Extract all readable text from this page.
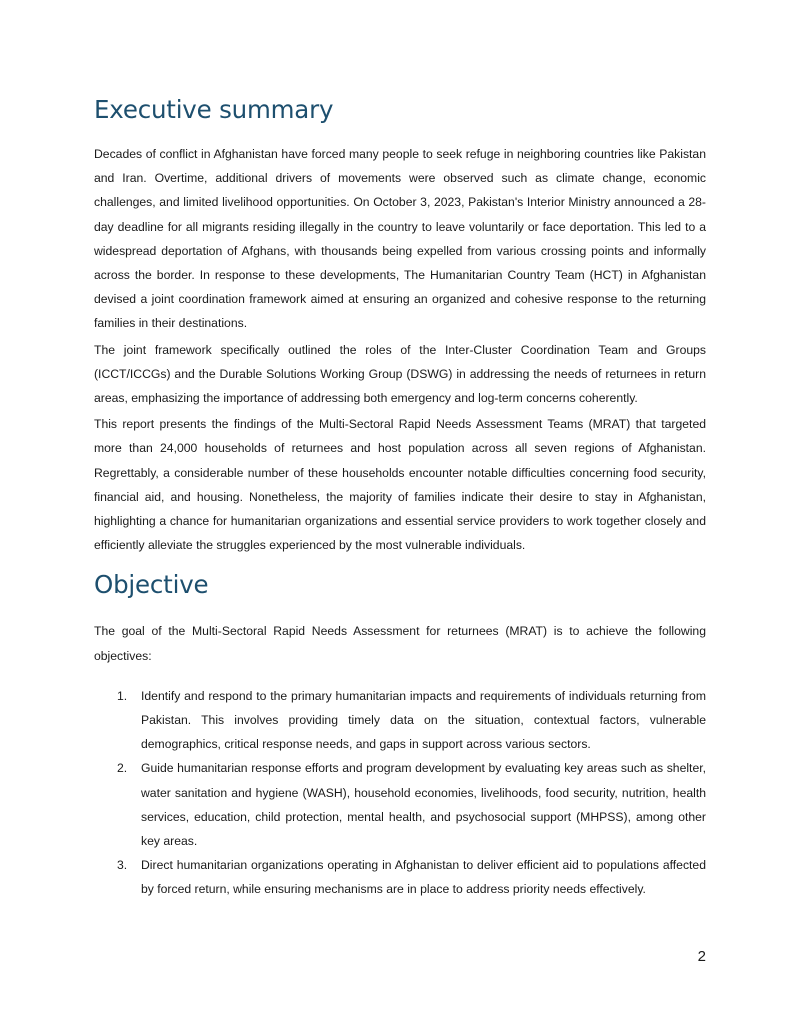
Executive summary

Decades of conflict in Afghanistan have forced many people to seek refuge in neighboring countries like Pakistan and Iran. Overtime, additional drivers of movements were observed such as climate change, economic challenges, and limited livelihood opportunities. On October 3, 2023, Pakistan's Interior Ministry announced a 28-day deadline for all migrants residing illegally in the country to leave voluntarily or face deportation. This led to a widespread deportation of Afghans, with thousands being expelled from various crossing points and informally across the border. In response to these developments, The Humanitarian Country Team (HCT) in Afghanistan devised a joint coordination framework aimed at ensuring an organized and cohesive response to the returning families in their destinations.

The joint framework specifically outlined the roles of the Inter-Cluster Coordination Team and Groups (ICCT/ICCGs) and the Durable Solutions Working Group (DSWG) in addressing the needs of returnees in return areas, emphasizing the importance of addressing both emergency and log-term concerns coherently.

This report presents the findings of the Multi-Sectoral Rapid Needs Assessment Teams (MRAT) that targeted more than 24,000 households of returnees and host population across all seven regions of Afghanistan. Regrettably, a considerable number of these households encounter notable difficulties concerning food security, financial aid, and housing. Nonetheless, the majority of families indicate their desire to stay in Afghanistan, highlighting a chance for humanitarian organizations and essential service providers to work together closely and efficiently alleviate the struggles experienced by the most vulnerable individuals.

Objective

The goal of the Multi-Sectoral Rapid Needs Assessment for returnees (MRAT) is to achieve the following objectives:

1. Identify and respond to the primary humanitarian impacts and requirements of individuals returning from Pakistan. This involves providing timely data on the situation, contextual factors, vulnerable demographics, critical response needs, and gaps in support across various sectors.
2. Guide humanitarian response efforts and program development by evaluating key areas such as shelter, water sanitation and hygiene (WASH), household economies, livelihoods, food security, nutrition, health services, education, child protection, mental health, and psychosocial support (MHPSS), among other key areas.
3. Direct humanitarian organizations operating in Afghanistan to deliver efficient aid to populations affected by forced return, while ensuring mechanisms are in place to address priority needs effectively.
2
